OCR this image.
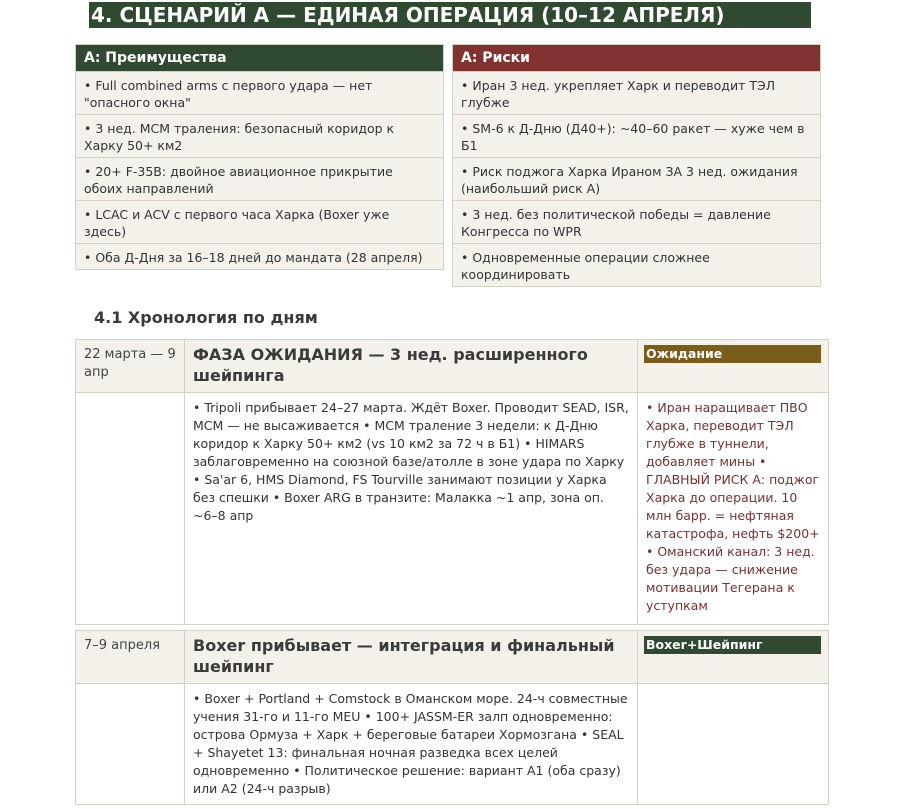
4. СЦЕНАРИЙ А — ЕДИНАЯ ОПЕРАЦИЯ (10–12 АПРЕЛЯ)
А: Преимущества
• Full combined arms с первого удара — нет "опасного окна"
• 3 нед. MCM траления: безопасный коридор к Харку 50+ км2
• 20+ F-35B: двойное авиационное прикрытие обоих направлений
• LCAC и ACV с первого часа Харка (Boxer уже здесь)
• Оба Д-Дня за 16–18 дней до мандата (28 апреля)
А: Риски
• Иран 3 нед. укрепляет Харк и переводит ТЭЛ глубже
• SM-6 к Д-Дню (Д40+): ~40–60 ракет — хуже чем в Б1
• Риск поджога Харка Ираном ЗА 3 нед. ожидания (наибольший риск А)
• 3 нед. без политической победы = давление Конгресса по WPR
• Одновременные операции сложнее координировать
4.1 Хронология по дням
22 марта — 9 апр
ФАЗА ОЖИДАНИЯ — 3 нед. расширенного шейпинга
Ожидание
• Tripoli прибывает 24–27 марта. Ждёт Boxer. Проводит SEAD, ISR, MCM — не высаживается • MCM траление 3 недели: к Д-Дню коридор к Харку 50+ км2 (vs 10 км2 за 72 ч в Б1) • HIMARS заблаговременно на союзной базе/атолле в зоне удара по Харку • Sa'ar 6, HMS Diamond, FS Tourville занимают позиции у Харка без спешки • Boxer ARG в транзите: Малакка ~1 апр, зона оп. ~6–8 апр
• Иран наращивает ПВО Харка, переводит ТЭЛ глубже в туннели, добавляет мины • ГЛАВНЫЙ РИСК А: поджог Харка до операции. 10 млн барр. = нефтяная катастрофа, нефть $200+ • Оманский канал: 3 нед. без удара — снижение мотивации Тегерана к уступкам
7–9 апреля	Boxer прибывает — интеграция и финальный шейпинг
Boxer+Шейпинг
• Boxer + Portland + Comstock в Оманском море. 24-ч совместные учения 31-го и 11-го MEU • 100+ JASSM-ER залп одновременно: острова Ормуза + Харк + береговые батареи Хормозгана • SEAL + Shayetet 13: финальная ночная разведка всех целей одновременно • Политическое решение: вариант А1 (оба сразу) или А2 (24-ч разрыв)
